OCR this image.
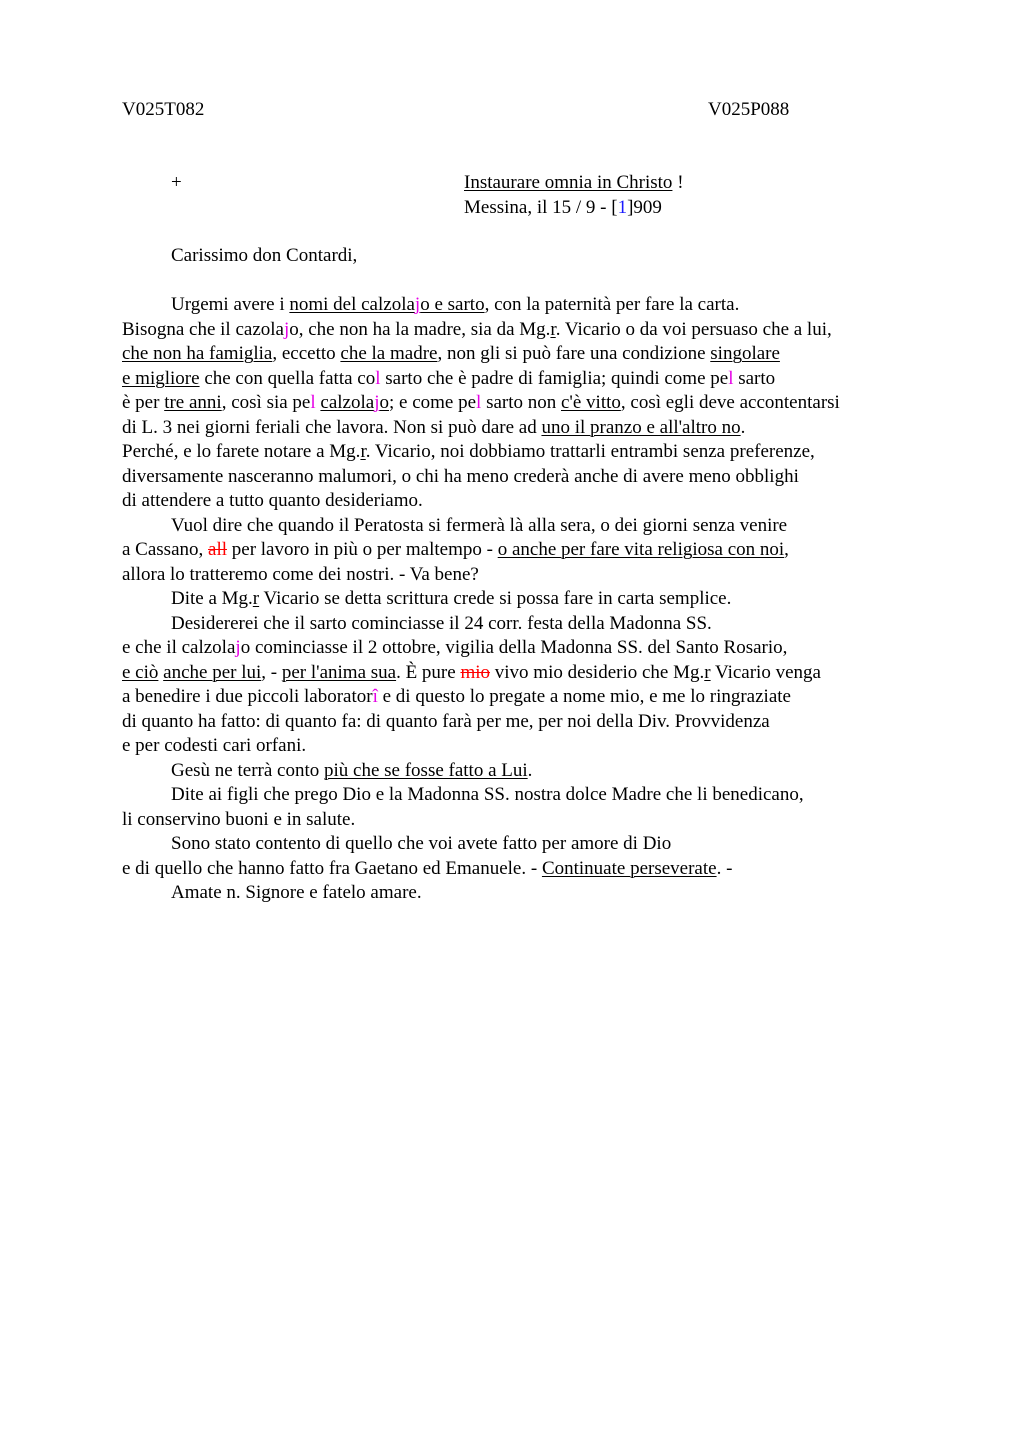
V025T082	V025P088
+	Instaurare omnia in Christo !
Messina, il 15 / 9 - [1]909
Carissimo don Contardi,
Urgemi avere i nomi del calzolajo e sarto, con la paternità per fare la carta.
Bisogna che il cazolajo, che non ha la madre, sia da Mg.r. Vicario o da voi persuaso che a lui,
che non ha famiglia, eccetto che la madre, non gli si può fare una condizione singolare
e migliore che con quella fatta col sarto che è padre di famiglia; quindi come pel sarto
è per tre anni, così sia pel calzolajo; e come pel sarto non c'è vitto, così egli deve accontentarsi
di L. 3 nei giorni feriali che lavora. Non si può dare ad uno il pranzo e all'altro no.
Perché, e lo farete notare a Mg.r. Vicario, noi dobbiamo trattarli entrambi senza preferenze,
diversamente nasceranno malumori, o chi ha meno crederà anche di avere meno obblighi
di attendere a tutto quanto desideriamo.
Vuol dire che quando il Peratosta si fermerà là alla sera, o dei giorni senza venire
a Cassano, all per lavoro in più o per maltempo - o anche per fare vita religiosa con noi,
allora lo tratteremo come dei nostri. - Va bene?
Dite a Mg.r Vicario se detta scrittura crede si possa fare in carta semplice.
Desidererei che il sarto cominciasse il 24 corr. festa della Madonna SS.
e che il calzolajo cominciasse il 2 ottobre, vigilia della Madonna SS. del Santo Rosario,
e ciò anche per lui, - per l'anima sua. È pure mio vivo mio desiderio che Mg.r Vicario venga
a benedire i due piccoli laboratorî e di questo lo pregate a nome mio, e me lo ringraziate
di quanto ha fatto: di quanto fa: di quanto farà per me, per noi della Div. Provvidenza
e per codesti cari orfani.
Gesù ne terrà conto più che se fosse fatto a Lui.
Dite ai figli che prego Dio e la Madonna SS. nostra dolce Madre che li benedicano,
li conservino buoni e in salute.
Sono stato contento di quello che voi avete fatto per amore di Dio
e di quello che hanno fatto fra Gaetano ed Emanuele. - Continuate perseverate. -
Amate n. Signore e fatelo amare.
